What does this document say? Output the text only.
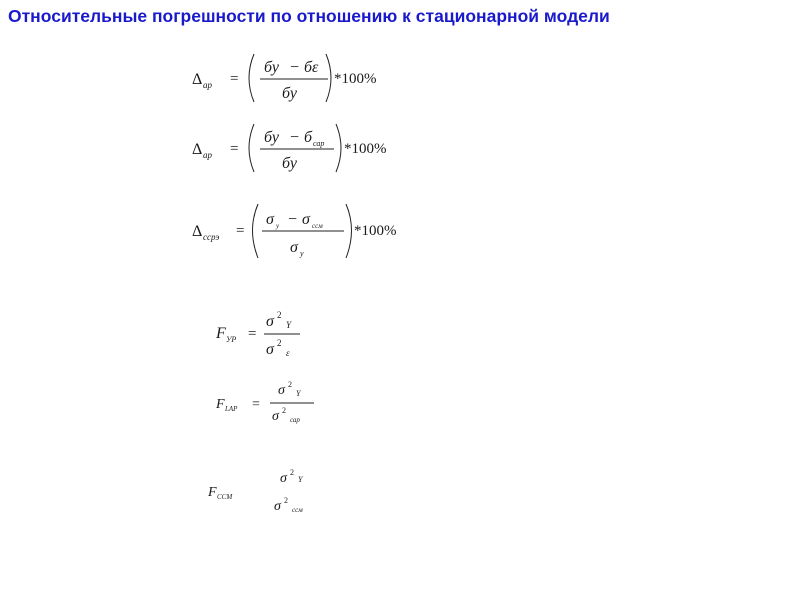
Относительные погрешности по отношению к стационарной модели
Δ ар =
бу − бε
бу
*100%
Δ ар =
бу − б сар
бу
*100%
Δ ссрэ =
σ у − σ ссм
σ у
*100%
F УР =
σ 2
Y
σ 2
ε
F LAP =
σ 2
Y
σ 2
сар
F ССМ
σ 2
Y
σ 2
ссм
